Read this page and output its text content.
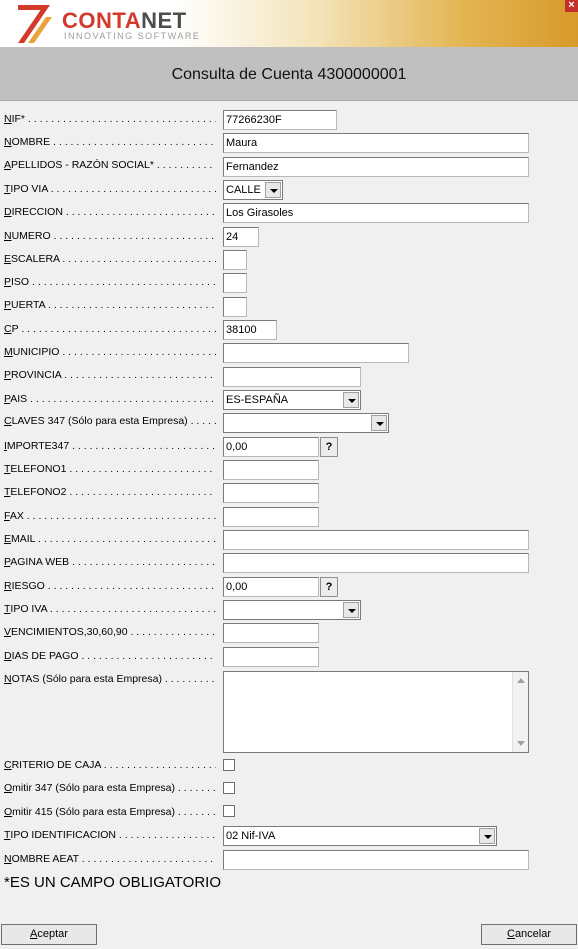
CONTANET
INNOVATING SOFTWARE
×
Consulta de Cuenta 4300000001
NIF* . . .	77266230F
NOMBRE . . .	Maura
APELLIDOS - RAZÓN SOCIAL* . . .	Fernandez
TIPO VIA . . .	CALLE
DIRECCION . . .	Los Girasoles
NUMERO . . .	24
ESCALERA . . .
PISO . . .
PUERTA . . .
CP . . .	38100
MUNICIPIO . . .
PROVINCIA . . .
PAIS . . .	ES-ESPAÑA
CLAVES 347 (Sólo para esta Empresa) . . .
IMPORTE347 . . .	0,00	?
TELEFONO1 . . .
TELEFONO2 . . .
FAX . . .
EMAIL . . .
PAGINA WEB . . .
RIESGO . . .	0,00	?
TIPO IVA . . .
VENCIMIENTOS,30,60,90 . . .
DIAS DE PAGO . . .
NOTAS (Sólo para esta Empresa) . . .
CRITERIO DE CAJA . . .
Omitir 347 (Sólo para esta Empresa) . . .
Omitir 415 (Sólo para esta Empresa) . . .
TIPO IDENTIFICACION . . .	02 Nif-IVA
NOMBRE AEAT . . .
*ES UN CAMPO OBLIGATORIO
Aceptar	Cancelar
